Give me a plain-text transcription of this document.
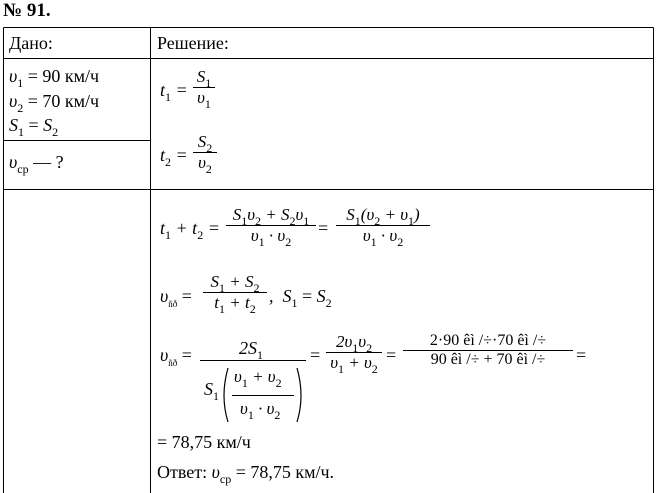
№ 91.
Дано:	Решение:
$\upsilon_1 = 90$ км/ч
$\upsilon_2 = 70$ км/ч
$S_1 = S_2$
$\upsilon_{ср}$ — ?
$t_1 = \frac{S_1}{\upsilon_1}$
$t_2 = \frac{S_2}{\upsilon_2}$
$t_1 + t_2 = \frac{S_1\upsilon_2 + S_2\upsilon_1}{\upsilon_1 \cdot \upsilon_2} = \frac{S_1(\upsilon_2 + \upsilon_1)}{\upsilon_1 \cdot \upsilon_2}$
$\upsilon_{ñð} = \frac{S_1 + S_2}{t_1 + t_2}$ ,  $S_1 = S_2$
$\upsilon_{ñð}$ =	$2S_1$
$S_1$
$\upsilon_1 + \upsilon_2$
$\upsilon_1 \cdot \upsilon_2$
= $\frac{2\upsilon_1\upsilon_2}{\upsilon_1 + \upsilon_2} = \frac{2\cdot 90 êì /\div\cdot 70 êì /\div}{90 êì /\div + 70 êì /\div}$ =
= 78,75 км/ч
Ответ: $\upsilon_{ср} = 78,75$ км/ч.
